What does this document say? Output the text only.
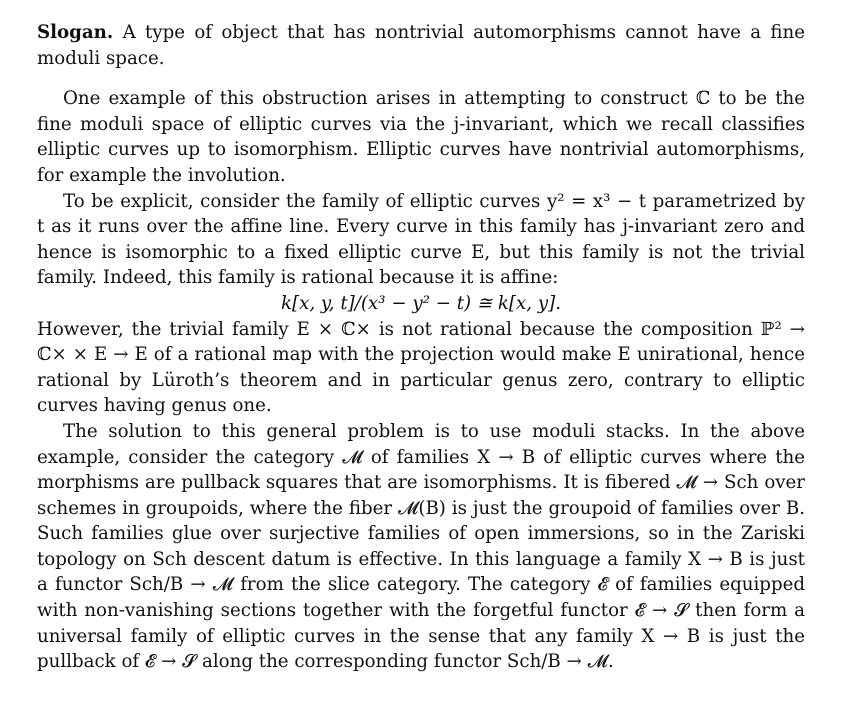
Slogan. A type of object that has nontrivial automorphisms cannot have a fine moduli space.

One example of this obstruction arises in attempting to construct ℂ to be the fine moduli space of elliptic curves via the j-invariant, which we recall classifies elliptic curves up to isomorphism. Elliptic curves have nontrivial automorphisms, for example the involution.

To be explicit, consider the family of elliptic curves y² = x³ − t parametrized by t as it runs over the affine line. Every curve in this family has j-invariant zero and hence is isomorphic to a fixed elliptic curve E, but this family is not the trivial family. Indeed, this family is rational because it is affine:

k[x, y, t]/(x³ − y² − t) ≅ k[x, y].

However, the trivial family E × ℂ× is not rational because the composition ℙ² → ℂ× × E → E of a rational map with the projection would make E unirational, hence rational by Lüroth’s theorem and in particular genus zero, contrary to elliptic curves having genus one.

The solution to this general problem is to use moduli stacks. In the above example, consider the category 𝓜 of families X → B of elliptic curves where the morphisms are pullback squares that are isomorphisms. It is fibered 𝓜 → Sch over schemes in groupoids, where the fiber 𝓜(B) is just the groupoid of families over B. Such families glue over surjective families of open immersions, so in the Zariski topology on Sch descent datum is effective. In this language a family X → B is just a functor Sch/B → 𝓜 from the slice category. The category 𝓔 of families equipped with non-vanishing sections together with the forgetful functor 𝓔 → 𝓢 then form a universal family of elliptic curves in the sense that any family X → B is just the pullback of 𝓔 → 𝓢 along the corresponding functor Sch/B → 𝓜.
